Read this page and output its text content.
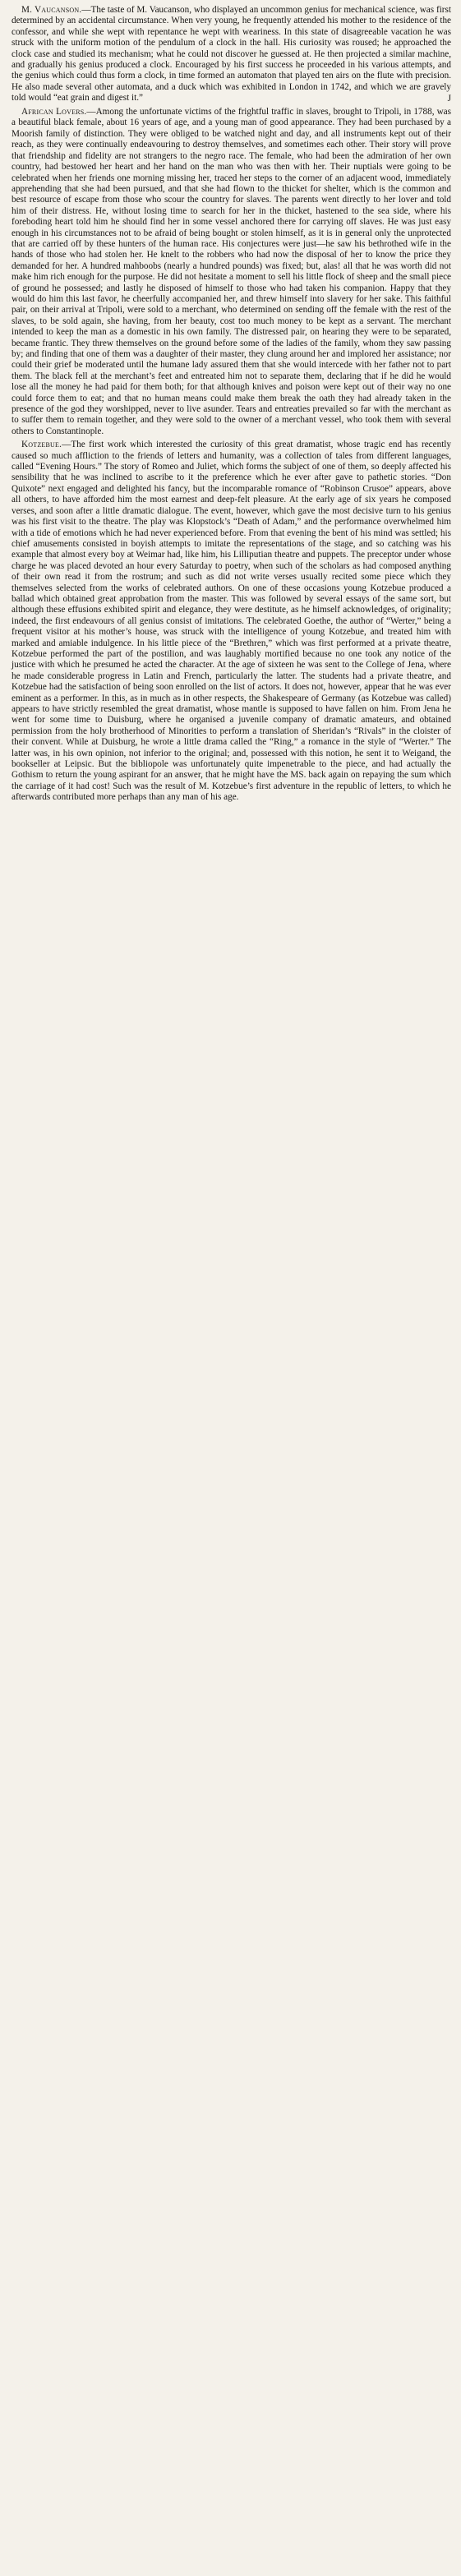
M. Vaucanson.—The taste of M. Vaucanson, who displayed an uncommon genius for mechanical science, was first determined by an accidental circumstance. When very young, he frequently attended his mother to the residence of the confessor, and while she wept with repentance he wept with weariness. In this state of disagreeable vacation he was struck with the uniform motion of the pendulum of a clock in the hall. His curiosity was roused; he approached the clock case and studied its mechanism; what he could not discover he guessed at. He then projected a similar machine, and gradually his genius produced a clock. Encouraged by his first success he proceeded in his various attempts, and the genius which could thus form a clock, in time formed an automaton that played ten airs on the flute with precision. He also made several other automata, and a duck which was exhibited in London in 1742, and which we are gravely told would “eat grain and digest it.”	J

African Lovers.—Among the unfortunate victims of the frightful traffic in slaves, brought to Tripoli, in 1788, was a beautiful black female, about 16 years of age, and a young man of good appearance. They had been purchased by a Moorish family of distinction. They were obliged to be watched night and day, and all instruments kept out of their reach, as they were continually endeavouring to destroy themselves, and sometimes each other. Their story will prove that friendship and fidelity are not strangers to the negro race. The female, who had been the admiration of her own country, had bestowed her heart and her hand on the man who was then with her. Their nuptials were going to be celebrated when her friends one morning missing her, traced her steps to the corner of an adjacent wood, immediately apprehending that she had been pursued, and that she had flown to the thicket for shelter, which is the common and best resource of escape from those who scour the country for slaves. The parents went directly to her lover and told him of their distress. He, without losing time to search for her in the thicket, hastened to the sea side, where his foreboding heart told him he should find her in some vessel anchored there for carrying off slaves. He was just easy enough in his circumstances not to be afraid of being bought or stolen himself, as it is in general only the unprotected that are carried off by these hunters of the human race. His conjectures were just—he saw his bethrothed wife in the hands of those who had stolen her. He knelt to the robbers who had now the disposal of her to know the price they demanded for her. A hundred mahboobs (nearly a hundred pounds) was fixed; but, alas! all that he was worth did not make him rich enough for the purpose. He did not hesitate a moment to sell his little flock of sheep and the small piece of ground he possessed; and lastly he disposed of himself to those who had taken his companion. Happy that they would do him this last favor, he cheerfully accompanied her, and threw himself into slavery for her sake. This faithful pair, on their arrival at Tripoli, were sold to a merchant, who determined on sending off the female with the rest of the slaves, to be sold again, she having, from her beauty, cost too much money to be kept as a servant. The merchant intended to keep the man as a domestic in his own family. The distressed pair, on hearing they were to be separated, became frantic. They threw themselves on the ground before some of the ladies of the family, whom they saw passing by; and finding that one of them was a daughter of their master, they clung around her and implored her assistance; nor could their grief be moderated until the humane lady assured them that she would intercede with her father not to part them. The black fell at the merchant’s feet and entreated him not to separate them, declaring that if he did he would lose all the money he had paid for them both; for that although knives and poison were kept out of their way no one could force them to eat; and that no human means could make them break the oath they had already taken in the presence of the god they worshipped, never to live asunder. Tears and entreaties prevailed so far with the merchant as to suffer them to remain together, and they were sold to the owner of a merchant vessel, who took them with several others to Constantinople.

Kotzebue.—The first work which interested the curiosity of this great dramatist, whose tragic end has recently caused so much affliction to the friends of letters and humanity, was a collection of tales from different languages, called “Evening Hours.” The story of Romeo and Juliet, which forms the subject of one of them, so deeply affected his sensibility that he was inclined to ascribe to it the preference which he ever after gave to pathetic stories. “Don Quixote” next engaged and delighted his fancy, but the incomparable romance of “Robinson Crusoe” appears, above all others, to have afforded him the most earnest and deep-felt pleasure. At the early age of six years he composed verses, and soon after a little dramatic dialogue. The event, however, which gave the most decisive turn to his genius was his first visit to the theatre. The play was Klopstock’s “Death of Adam,” and the performance overwhelmed him with a tide of emotions which he had never experienced before. From that evening the bent of his mind was settled; his chief amusements consisted in boyish attempts to imitate the representations of the stage, and so catching was his example that almost every boy at Weimar had, like him, his Lilliputian theatre and puppets. The preceptor under whose charge he was placed devoted an hour every Saturday to poetry, when such of the scholars as had composed anything of their own read it from the rostrum; and such as did not write verses usually recited some piece which they themselves selected from the works of celebrated authors. On one of these occasions young Kotzebue produced a ballad which obtained great approbation from the master. This was followed by several essays of the same sort, but although these effusions exhibited spirit and elegance, they were destitute, as he himself acknowledges, of originality; indeed, the first endeavours of all genius consist of imitations. The celebrated Goethe, the author of “Werter,” being a frequent visitor at his mother’s house, was struck with the intelligence of young Kotzebue, and treated him with marked and amiable indulgence. In his little piece of the “Brethren,” which was first performed at a private theatre, Kotzebue performed the part of the postilion, and was laughably mortified because no one took any notice of the justice with which he presumed he acted the character. At the age of sixteen he was sent to the College of Jena, where he made considerable progress in Latin and French, particularly the latter. The students had a private theatre, and Kotzebue had the satisfaction of being soon enrolled on the list of actors. It does not, however, appear that he was ever eminent as a performer. In this, as in much as in other respects, the Shakespeare of Germany (as Kotzebue was called) appears to have strictly resembled the great dramatist, whose mantle is supposed to have fallen on him. From Jena he went for some time to Duisburg, where he organised a juvenile company of dramatic amateurs, and obtained permission from the holy brotherhood of Minorities to perform a translation of Sheridan’s “Rivals” in the cloister of their convent. While at Duisburg, he wrote a little drama called the “Ring,” a romance in the style of “Werter.” The latter was, in his own opinion, not inferior to the original; and, possessed with this notion, he sent it to Weigand, the bookseller at Leipsic. But the bibliopole was unfortunately quite impenetrable to the piece, and had actually the Gothism to return the young aspirant for an answer, that he might have the MS. back again on repaying the sum which the carriage of it had cost! Such was the result of M. Kotzebue’s first adventure in the republic of letters, to which he afterwards contributed more perhaps than any man of his age.
